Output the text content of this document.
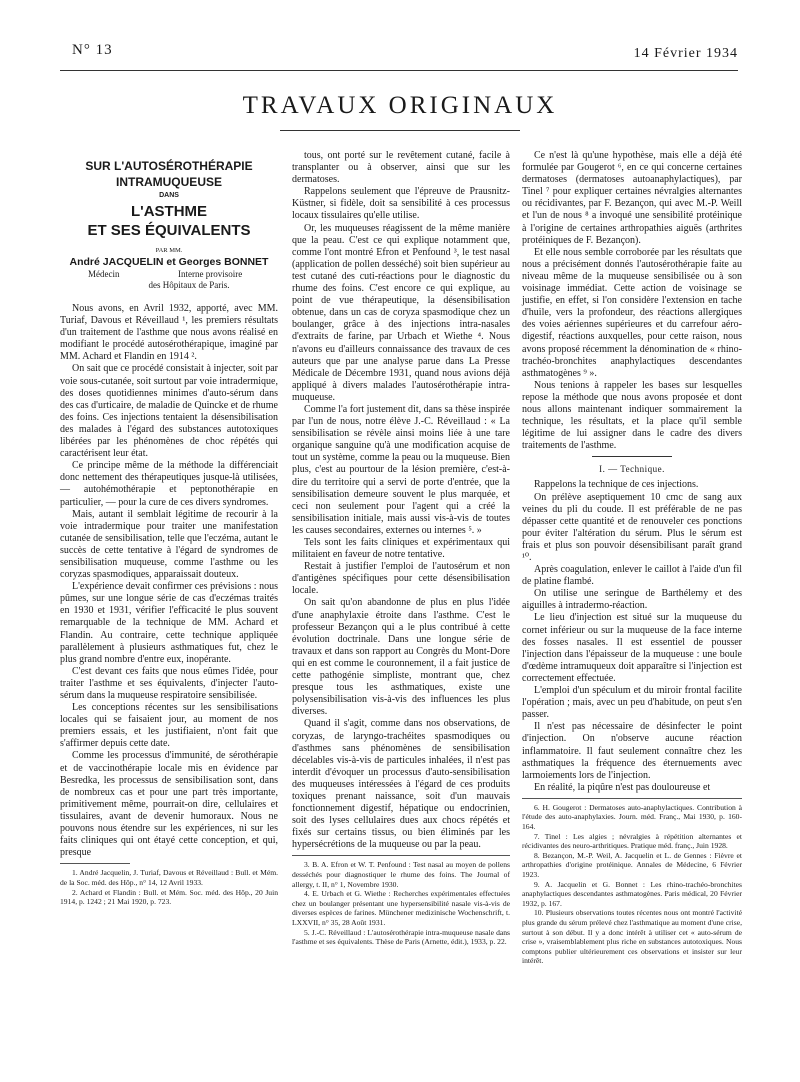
N° 13	14 Février 1934
TRAVAUX ORIGINAUX
SUR L'AUTOSÉROTHÉRAPIE
INTRAMUQUEUSE
DANS
L'ASTHME
ET SES ÉQUIVALENTS
PAR MM.
André JACQUELIN et Georges BONNET
Médecin	Interne provisoire
des Hôpitaux de Paris.

Nous avons, en Avril 1932, apporté, avec MM. Turiaf, Davous et Réveillaud ¹, les premiers résultats d'un traitement de l'asthme que nous avons réalisé en modifiant le procédé autosérothérapique, imaginé par MM. Achard et Flandin en 1914 ².

On sait que ce procédé consistait à injecter, soit par voie sous-cutanée, soit surtout par voie intradermique, des doses quotidiennes minimes d'auto-sérum dans des cas d'urticaire, de maladie de Quincke et de rhume des foins. Ces injections tentaient la désensibilisation des malades à l'égard des substances autotoxiques libérées par les phénomènes de choc répétés qui caractérisent leur état.

Ce principe même de la méthode la différenciait donc nettement des thérapeutiques jusque-là utilisées, — autohémothérapie et peptonothérapie en particulier, — pour la cure de ces divers syndromes.

Mais, autant il semblait légitime de recourir à la voie intradermique pour traiter une manifestation cutanée de sensibilisation, telle que l'eczéma, autant le succès de cette tentative à l'égard de syndromes de sensibilisation muqueuse, comme l'asthme ou les coryzas spasmodiques, apparaissait douteux.

L'expérience devait confirmer ces prévisions : nous pûmes, sur une longue série de cas d'eczémas traités en 1930 et 1931, vérifier l'efficacité le plus souvent remarquable de la technique de MM. Achard et Flandin. Au contraire, cette technique appliquée parallèlement à plusieurs asthmatiques fut, chez le plus grand nombre d'entre eux, inopérante.

C'est devant ces faits que nous eûmes l'idée, pour traiter l'asthme et ses équivalents, d'injecter l'auto-sérum dans la muqueuse respiratoire sensibilisée.

Les conceptions récentes sur les sensibilisations locales qui se faisaient jour, au moment de nos premiers essais, et les justifiaient, n'ont fait que s'affirmer depuis cette date.

Comme les processus d'immunité, de sérothérapie et de vaccinothérapie locale mis en évidence par Besredka, les processus de sensibilisation sont, dans de nombreux cas et pour une part très importante, primitivement même, pourrait-on dire, cellulaires et tissulaires, avant de devenir humoraux. Nous ne pouvons nous étendre sur les expériences, ni sur les faits cliniques qui ont étayé cette conception, et qui, presque

1. André Jacquelin, J. Turiaf, Davous et Réveillaud : Bull. et Mém. de la Soc. méd. des Hôp., n° 14, 12 Avril 1933.

2. Achard et Flandin : Bull. et Mém. Soc. méd. des Hôp., 20 Juin 1914, p. 1242 ; 21 Mai 1920, p. 723.

tous, ont porté sur le revêtement cutané, facile à transplanter ou à observer, ainsi que sur les dermatoses.

Rappelons seulement que l'épreuve de Prausnitz-Küstner, si fidèle, doit sa sensibilité à ces processus locaux tissulaires qu'elle utilise.

Or, les muqueuses réagissent de la même manière que la peau. C'est ce qui explique notamment que, comme l'ont montré Efron et Penfound ³, le test nasal (application de pollen desséché) soit bien supérieur au test cutané des cuti-réactions pour le diagnostic du rhume des foins. C'est encore ce qui explique, au point de vue thérapeutique, la désensibilisation obtenue, dans un cas de coryza spasmodique chez un boulanger, grâce à des injections intra-nasales d'extraits de farine, par Urbach et Wiethe ⁴. Nous n'avons eu d'ailleurs connaissance des travaux de ces auteurs que par une analyse parue dans La Presse Médicale de Décembre 1931, quand nous avions déjà appliqué à divers malades l'autosérothérapie intra-muqueuse.

Comme l'a fort justement dit, dans sa thèse inspirée par l'un de nous, notre élève J.-C. Réveillaud : « La sensibilisation se révèle ainsi moins liée à une tare organique sanguine qu'à une modification acquise de tout un système, comme la peau ou la muqueuse. Bien plus, c'est au pourtour de la lésion première, c'est-à-dire du territoire qui a servi de porte d'entrée, que la sensibilisation demeure souvent le plus marquée, et ceci non seulement pour l'agent qui a créé la sensibilisation initiale, mais aussi vis-à-vis de toutes les causes secondaires, externes ou internes ⁵. »

Tels sont les faits cliniques et expérimentaux qui militaient en faveur de notre tentative.

Restait à justifier l'emploi de l'autosérum et non d'antigènes spécifiques pour cette désensibilisation locale.

On sait qu'on abandonne de plus en plus l'idée d'une anaphylaxie étroite dans l'asthme. C'est le professeur Bezançon qui a le plus contribué à cette évolution doctrinale. Dans une longue série de travaux et dans son rapport au Congrès du Mont-Dore qui en est comme le couronnement, il a fait justice de cette pathogénie simpliste, montrant que, chez presque tous les asthmatiques, existe une polysensibilisation vis-à-vis des influences les plus diverses.

Quand il s'agit, comme dans nos observations, de coryzas, de laryngo-trachéites spasmodiques ou d'asthmes sans phénomènes de sensibilisation décelables vis-à-vis de particules inhalées, il n'est pas interdit d'évoquer un processus d'auto-sensibilisation des muqueuses intéressées à l'égard de ces produits toxiques prenant naissance, soit d'un mauvais fonctionnement digestif, hépatique ou endocrinien, soit des lyses cellulaires dues aux chocs répétés et fixés sur certains tissus, ou bien éliminés par les hypersécrétions de la muqueuse ou par la peau.

3. B. A. Efron et W. T. Penfound : Test nasal au moyen de pollens desséchés pour diagnostiquer le rhume des foins. The Journal of allergy, t. II, n° 1, Novembre 1930.

4. E. Urbach et G. Wiethe : Recherches expérimentales effectuées chez un boulanger présentant une hypersensibilité nasale vis-à-vis de diverses espèces de farines. Münchener medizinische Wochenschrift, t. LXXVII, n° 35, 28 Août 1931.

5. J.-C. Réveillaud : L'autosérothérapie intra-muqueuse nasale dans l'asthme et ses équivalents. Thèse de Paris (Arnette, édit.), 1933, p. 22.

Ce n'est là qu'une hypothèse, mais elle a déjà été formulée par Gougerot ⁶, en ce qui concerne certaines dermatoses (dermatoses autoanaphylactiques), par Tinel ⁷ pour expliquer certaines névralgies alternantes ou récidivantes, par F. Bezançon, qui avec M.-P. Weill et l'un de nous ⁸ a invoqué une sensibilité protéinique à l'origine de certaines arthropathies aiguës (arthrites protéiniques de F. Bezançon).

Et elle nous semble corroborée par les résultats que nous a précisément donnés l'autosérothérapie faite au niveau même de la muqueuse sensibilisée ou à son voisinage immédiat. Cette action de voisinage se justifie, en effet, si l'on considère l'extension en tache d'huile, vers la profondeur, des réactions allergiques des voies aériennes supérieures et du carrefour aéro-digestif, réactions auxquelles, pour cette raison, nous avons proposé récemment la dénomination de « rhino-trachéo-bronchites anaphylactiques descendantes asthmatogènes ⁹ ».

Nous tenions à rappeler les bases sur lesquelles repose la méthode que nous avons proposée et dont nous allons maintenant indiquer sommairement la technique, les résultats, et la place qu'il semble légitime de lui assigner dans le cadre des divers traitements de l'asthme.

I. — Technique.

Rappelons la technique de ces injections.

On prélève aseptiquement 10 cmc de sang aux veines du pli du coude. Il est préférable de ne pas dépasser cette quantité et de renouveler ces ponctions pour éviter l'altération du sérum. Plus le sérum est frais et plus son pouvoir désensibilisant paraît grand ¹⁰.

Après coagulation, enlever le caillot à l'aide d'un fil de platine flambé.

On utilise une seringue de Barthélemy et des aiguilles à intradermo-réaction.

Le lieu d'injection est situé sur la muqueuse du cornet inférieur ou sur la muqueuse de la face interne des fosses nasales. Il est essentiel de pousser l'injection dans l'épaisseur de la muqueuse : une boule d'œdème intramuqueux doit apparaître si l'injection est correctement effectuée.

L'emploi d'un spéculum et du miroir frontal facilite l'opération ; mais, avec un peu d'habitude, on peut s'en passer.

Il n'est pas nécessaire de désinfecter le point d'injection. On n'observe aucune réaction inflammatoire. Il faut seulement connaître chez les asthmatiques la fréquence des éternuements avec larmoiements lors de l'injection.

En réalité, la piqûre n'est pas douloureuse et

6. H. Gougerot : Dermatoses auto-anaphylactiques. Contribution à l'étude des auto-anaphylaxies. Journ. méd. Franç., Mai 1930, p. 160-164.

7. Tinel : Les algies ; névralgies à répétition alternantes et récidivantes des neuro-arthritiques. Pratique méd. franç., Juin 1928.

8. Bezançon, M.-P. Weil, A. Jacquelin et L. de Gennes : Fièvre et arthropathies d'origine protéinique. Annales de Médecine, 6 Février 1923.

9. A. Jacquelin et G. Bonnet : Les rhino-trachéo-bronchites anaphylactiques descendantes asthmatogènes. Paris médical, 20 Février 1932, p. 167.

10. Plusieurs observations toutes récentes nous ont montré l'activité plus grande du sérum prélevé chez l'asthmatique au moment d'une crise, surtout à son début. Il y a donc intérêt à utiliser cet « auto-sérum de crise », vraisemblablement plus riche en substances autotoxiques. Nous comptons publier ultérieurement ces observations et insister sur leur intérêt.
